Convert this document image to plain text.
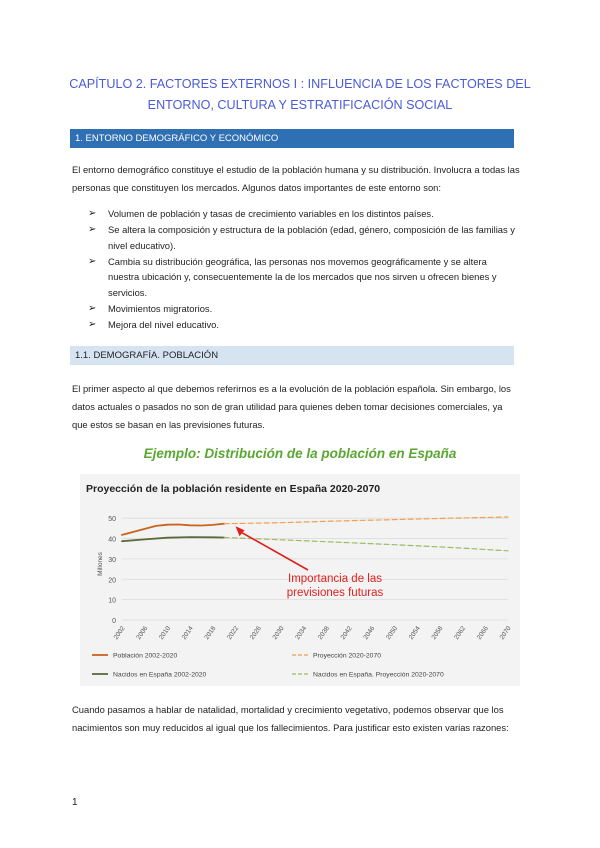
CAPÍTULO 2. FACTORES EXTERNOS I : INFLUENCIA DE LOS FACTORES DEL
ENTORNO, CULTURA Y ESTRATIFICACIÓN SOCIAL
1. ENTORNO DEMOGRÁFICO Y ECONÓMICO

El entorno demográfico constituye el estudio de la población humana y su distribución. Involucra a todas las personas que constituyen los mercados. Algunos datos importantes de este entorno son:

➢ Volumen de población y tasas de crecimiento variables en los distintos países.
➢ Se altera la composición y estructura de la población (edad, género, composición de las familias y nivel educativo).
➢ Cambia su distribución geográfica, las personas nos movemos geográficamente y se altera nuestra ubicación y, consecuentemente la de los mercados que nos sirven u ofrecen bienes y servicios.
➢ Movimientos migratorios.
➢ Mejora del nivel educativo.
1.1. DEMOGRAFÍA. POBLACIÓN

El primer aspecto al que debemos referirnos es a la evolución de la población española. Sin embargo, los datos actuales o pasados no son de gran utilidad para quienes deben tomar decisiones comerciales, ya que estos se basan en las previsiones futuras.

Ejemplo: Distribución de la población en España
Proyección de la población residente en España 2020-2070
0
10
20
30
40
50
Millones
2002 2006 2010 2014 2018 2022 2026 2030 2034 2038 2042 2046 2050 2054 2058 2062 2066 2070
Importancia de las
previsiones futuras
Población 2002-2020	Proyección 2020-2070
Nacidos en España 2002-2020	Nacidos en España. Proyección 2020-2070

Cuando pasamos a hablar de natalidad, mortalidad y crecimiento vegetativo, podemos observar que los nacimientos son muy reducidos al igual que los fallecimientos. Para justificar esto existen varias razones:

1
